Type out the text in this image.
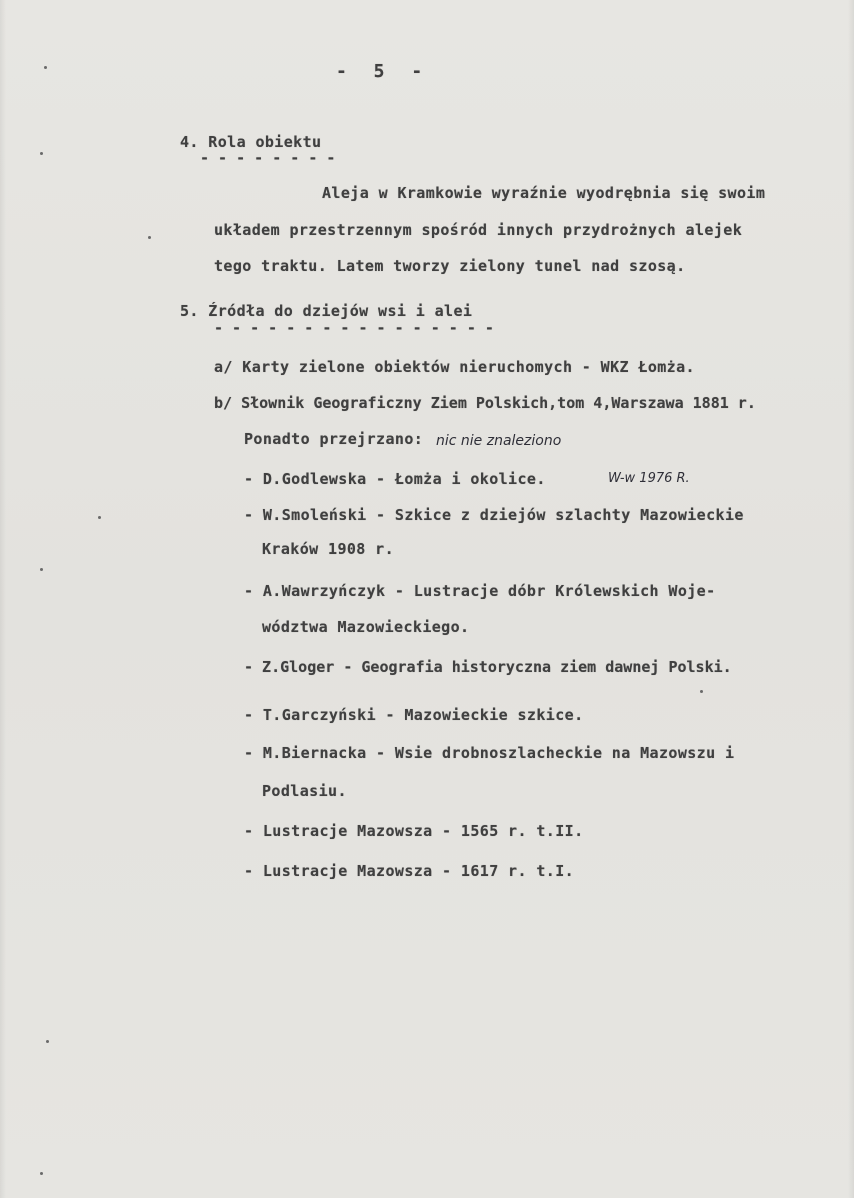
- 5 -

4. Rola obiektu

- - - - - - - -

Aleja w Kramkowie wyraźnie wyodrębnia się swoim

układem przestrzennym spośród innych przydrożnych alejek

tego traktu. Latem tworzy zielony tunel nad szosą.

5. Źródła do dziejów wsi i alei

- - - - - - - - - - - - - - - -

a/ Karty zielone obiektów nieruchomych - WKZ Łomża.

b/ Słownik Geograficzny Ziem Polskich,tom 4,Warszawa 1881 r.

Ponadto przejrzano: nic nie znaleziono

- D.Godlewska - Łomża i okolice.	W-w 1976 R.

- W.Smoleński - Szkice z dziejów szlachty Mazowieckie

Kraków 1908 r.

- A.Wawrzyńczyk - Lustracje dóbr Królewskich Woje-

wództwa Mazowieckiego.

- Z.Gloger - Geografia historyczna ziem dawnej Polski.

- T.Garczyński - Mazowieckie szkice.

- M.Biernacka - Wsie drobnoszlacheckie na Mazowszu i

Podlasiu.

- Lustracje Mazowsza - 1565 r. t.II.

- Lustracje Mazowsza - 1617 r. t.I.
